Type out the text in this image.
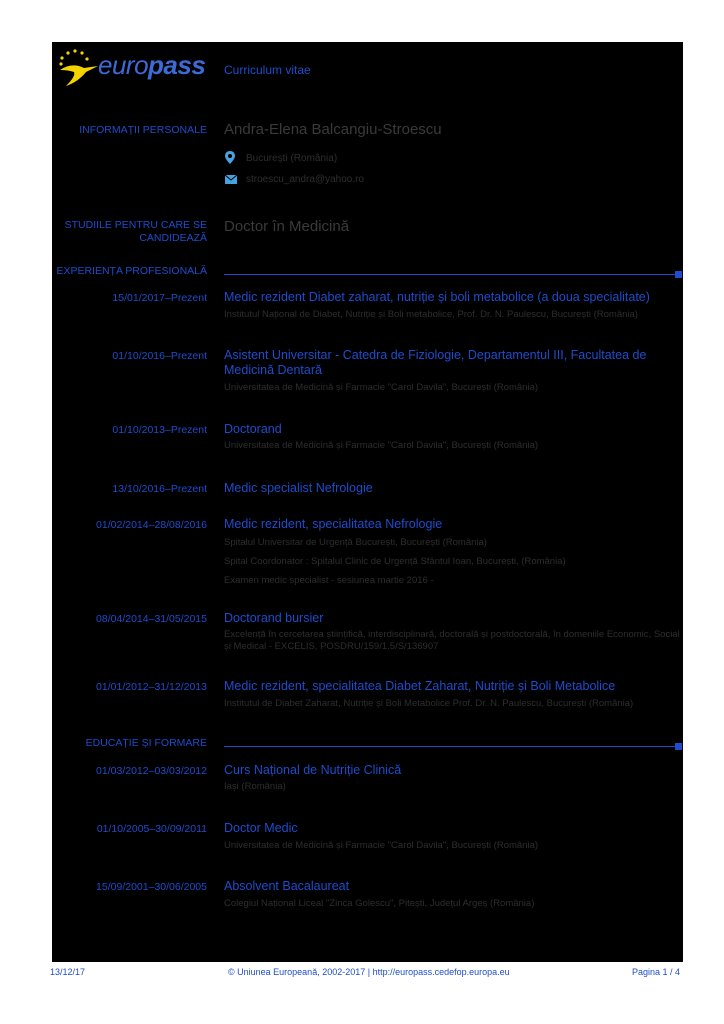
europass Curriculum vitae
INFORMAȚII PERSONALE Andra-Elena Balcangiu-Stroescu
București (România)
stroescu_andra@yahoo.ro
STUDIILE PENTRU CARE SE CANDIDEAZĂ
Doctor în Medicină
EXPERIENȚA PROFESIONALĂ
15/01/2017–Prezent Medic rezident Diabet zaharat, nutriție și boli metabolice (a doua specialitate)
Institutul Național de Diabet, Nutriție și Boli metabolice, Prof. Dr. N. Paulescu, București (România)
01/10/2016–Prezent Asistent Universitar - Catedra de Fiziologie, Departamentul III, Facultatea de Medicină Dentară
Universitatea de Medicină și Farmacie "Carol Davila", București (România)
01/10/2013–Prezent Doctorand
Universitatea de Medicină și Farmacie "Carol Davila", București (România)
13/10/2016–Prezent Medic specialist Nefrologie
01/02/2014–28/08/2016 Medic rezident, specialitatea Nefrologie
Spitalul Universitar de Urgență București, București (România)
Spital Coordonator : Spitalul Clinic de Urgență Sfântul Ioan, București, (România)
Examen medic specialist - sesiunea martie 2016 -
08/04/2014–31/05/2015 Doctorand bursier
Excelență în cercetarea științifică, interdisciplinară, doctorală și postdoctorală, în domeniile Economic, Social și Medical - EXCELIS, POSDRU/159/1.5/S/136907
01/01/2012–31/12/2013 Medic rezident, specialitatea Diabet Zaharat, Nutriție și Boli Metabolice
Institutul de Diabet Zaharat, Nutriție și Boli Metabolice Prof. Dr. N. Paulescu, București (România)
EDUCAȚIE ȘI FORMARE
01/03/2012–03/03/2012 Curs Național de Nutriție Clinică
Iași (România)
01/10/2005–30/09/2011 Doctor Medic
Universitatea de Medicină și Farmacie "Carol Davila", București (România)
15/09/2001–30/06/2005 Absolvent Bacalaureat
Colegiul Național Liceal "Zinca Golescu", Pitești, Județul Argeș (România)
13/12/17	© Uniunea Europeană, 2002-2017 | http://europass.cedefop.europa.eu	Pagina 1 / 4
